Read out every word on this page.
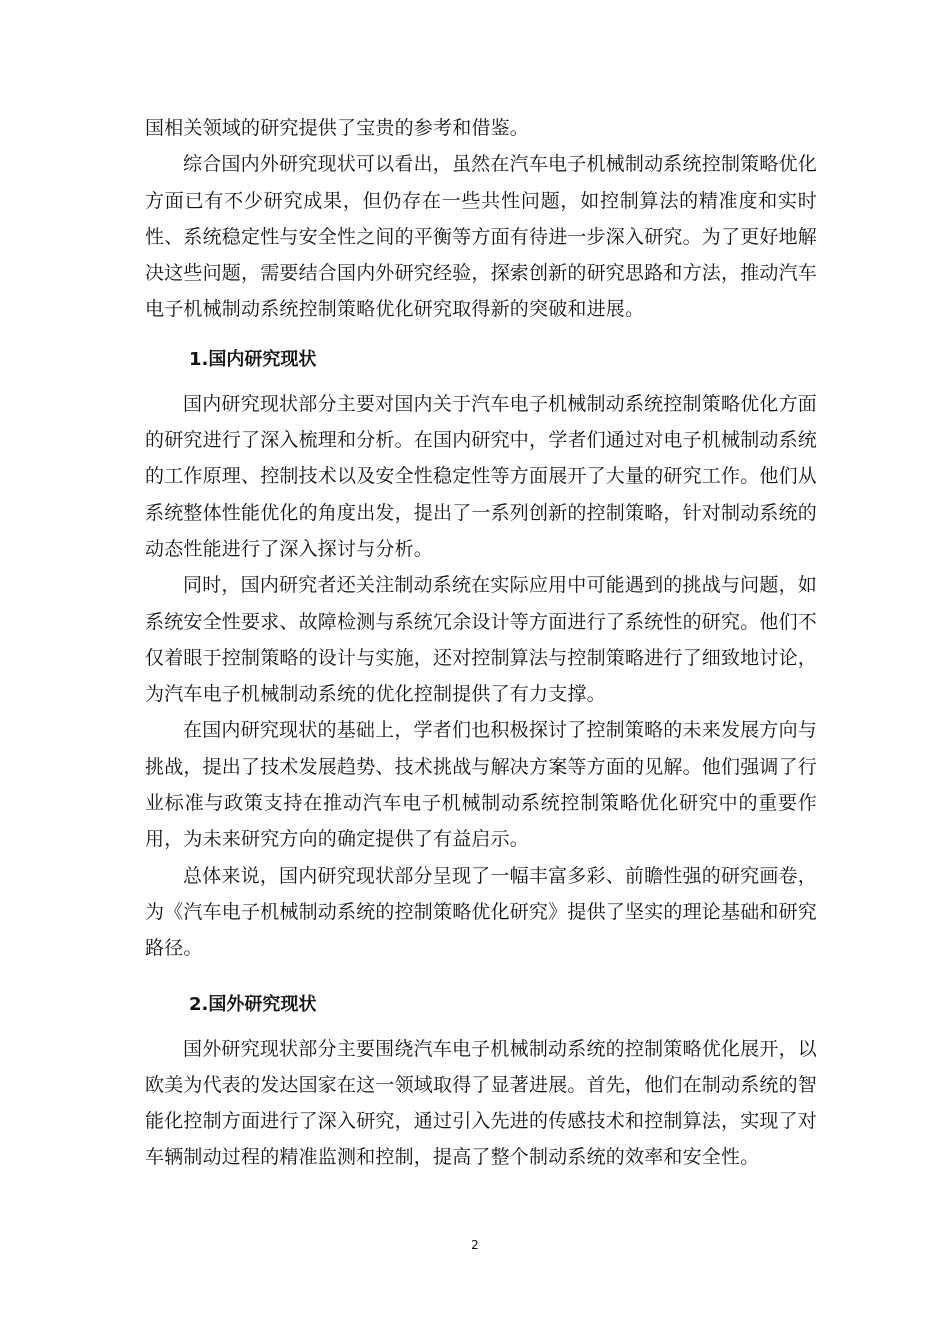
国相关领域的研究提供了宝贵的参考和借鉴。

综合国内外研究现状可以看出，虽然在汽车电子机械制动系统控制策略优化方面已有不少研究成果，但仍存在一些共性问题，如控制算法的精准度和实时性、系统稳定性与安全性之间的平衡等方面有待进一步深入研究。为了更好地解决这些问题，需要结合国内外研究经验，探索创新的研究思路和方法，推动汽车电子机械制动系统控制策略优化研究取得新的突破和进展。

1.国内研究现状

国内研究现状部分主要对国内关于汽车电子机械制动系统控制策略优化方面的研究进行了深入梳理和分析。在国内研究中，学者们通过对电子机械制动系统的工作原理、控制技术以及安全性稳定性等方面展开了大量的研究工作。他们从系统整体性能优化的角度出发，提出了一系列创新的控制策略，针对制动系统的动态性能进行了深入探讨与分析。

同时，国内研究者还关注制动系统在实际应用中可能遇到的挑战与问题，如系统安全性要求、故障检测与系统冗余设计等方面进行了系统性的研究。他们不仅着眼于控制策略的设计与实施，还对控制算法与控制策略进行了细致地讨论，为汽车电子机械制动系统的优化控制提供了有力支撑。

在国内研究现状的基础上，学者们也积极探讨了控制策略的未来发展方向与挑战，提出了技术发展趋势、技术挑战与解决方案等方面的见解。他们强调了行业标准与政策支持在推动汽车电子机械制动系统控制策略优化研究中的重要作用，为未来研究方向的确定提供了有益启示。

总体来说，国内研究现状部分呈现了一幅丰富多彩、前瞻性强的研究画卷，为《汽车电子机械制动系统的控制策略优化研究》提供了坚实的理论基础和研究路径。

2.国外研究现状

国外研究现状部分主要围绕汽车电子机械制动系统的控制策略优化展开，以欧美为代表的发达国家在这一领域取得了显著进展。首先，他们在制动系统的智能化控制方面进行了深入研究，通过引入先进的传感技术和控制算法，实现了对车辆制动过程的精准监测和控制，提高了整个制动系统的效率和安全性。

2
